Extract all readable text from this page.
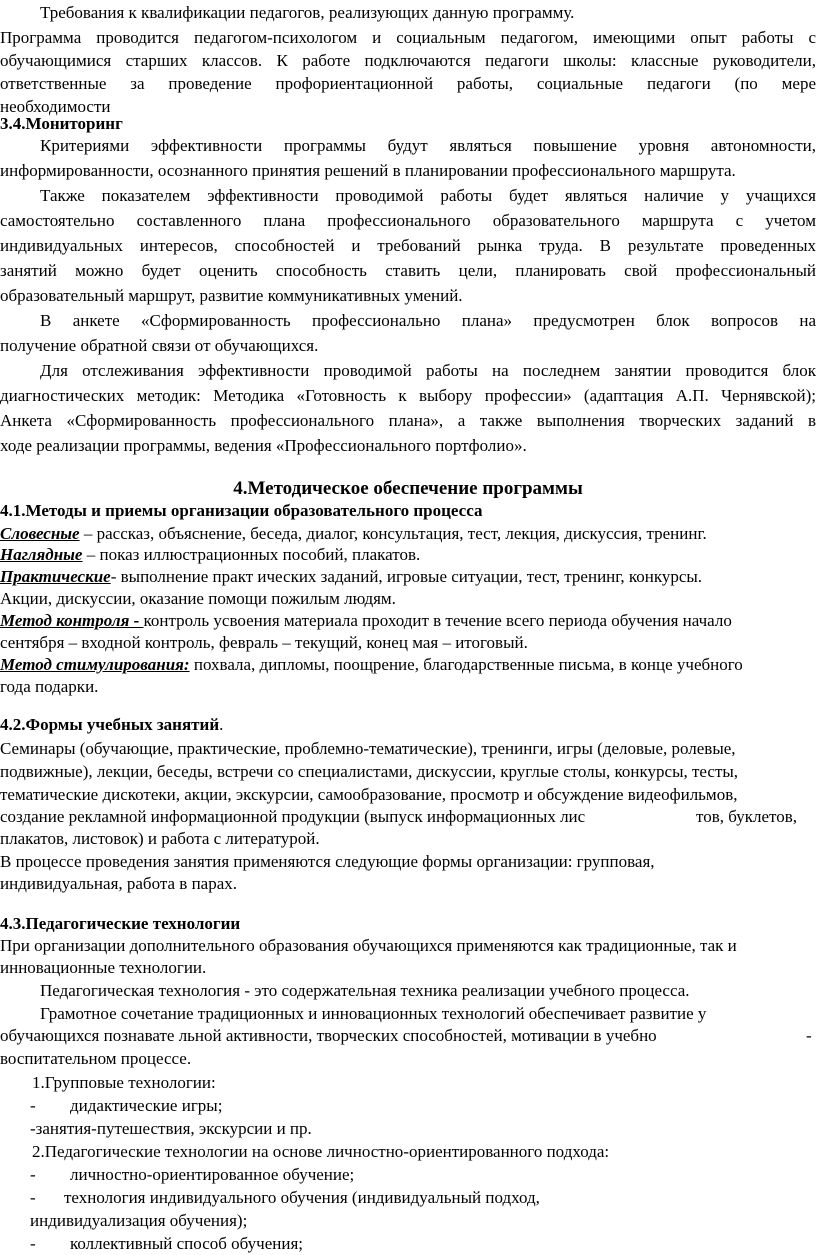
Требования к квалификации педагогов, реализующих данную программу.
Программа проводится педагогом-психологом и социальным педагогом, имеющими опыт работы с
обучающимися старших классов. К работе подключаются педагоги школы: классные руководители,
ответственные за проведение профориентационной работы, социальные педагоги (по мере
необходимости
3.4.Мониторинг
Критериями эффективности программы будут являться повышение уровня автономности,
информированности, осознанного принятия решений в планировании профессионального маршрута.
Также показателем эффективности проводимой работы будет являться наличие у учащихся
самостоятельно составленного плана профессионального образовательного маршрута с учетом
индивидуальных интересов, способностей и требований рынка труда. В результате проведенных
занятий можно будет оценить способность ставить цели, планировать свой профессиональный
образовательный маршрут, развитие коммуникативных умений.
В анкете «Сформированность профессионально плана» предусмотрен блок вопросов на
получение обратной связи от обучающихся.
Для отслеживания эффективности проводимой работы на последнем занятии проводится блок
диагностических методик: Методика «Готовность к выбору профессии» (адаптация А.П. Чернявской);
Анкета «Сформированность профессионального плана», а также выполнения творческих заданий в
ходе реализации программы, ведения «Профессионального портфолио».
4.Методическое обеспечение программы
4.1.Методы и приемы организации образовательного процесса
Словесные – рассказ, объяснение, беседа, диалог, консультация, тест, лекция, дискуссия, тренинг.
Наглядные – показ иллюстрационных пособий, плакатов.
Практические- выполнение практ ических заданий, игровые ситуации, тест, тренинг, конкурсы.
Акции, дискуссии, оказание помощи пожилым людям.
Метод контроля - контроль усвоения материала проходит в течение всего периода обучения начало
сентября – входной контроль, февраль – текущий, конец мая – итоговый.
Метод стимулирования: похвала, дипломы, поощрение, благодарственные письма, в конце учебного
года подарки.
4.2.Формы учебных занятий.
Семинары (обучающие, практические, проблемно-тематические), тренинги, игры (деловые, ролевые,
подвижные), лекции, беседы, встречи со специалистами, дискуссии, круглые столы, конкурсы, тесты,
тематические дискотеки, акции, экскурсии, самообразование, просмотр и обсуждение видеофильмов,
создание рекламной информационной продукции (выпуск информационных лис	тов, буклетов,
плакатов, листовок) и работа с литературой.
В процессе проведения занятия применяются следующие формы организации: групповая,
индивидуальная, работа в парах.
4.3.Педагогические технологии
При организации дополнительного образования обучающихся применяются как традиционные, так и
инновационные технологии.
Педагогическая технология - это содержательная техника реализации учебного процесса.
Грамотное сочетание традиционных и инновационных технологий обеспечивает развитие у
обучающихся познавате льной активности, творческих способностей, мотивации в учебно	-
воспитательном процессе.
1.Групповые технологии:
- дидактические игры;
-занятия-путешествия, экскурсии и пр.
2.Педагогические технологии на основе личностно-ориентированного подхода:
- личностно-ориентированное обучение;
- технология индивидуального обучения (индивидуальный подход,
индивидуализация обучения);
- коллективный способ обучения;
